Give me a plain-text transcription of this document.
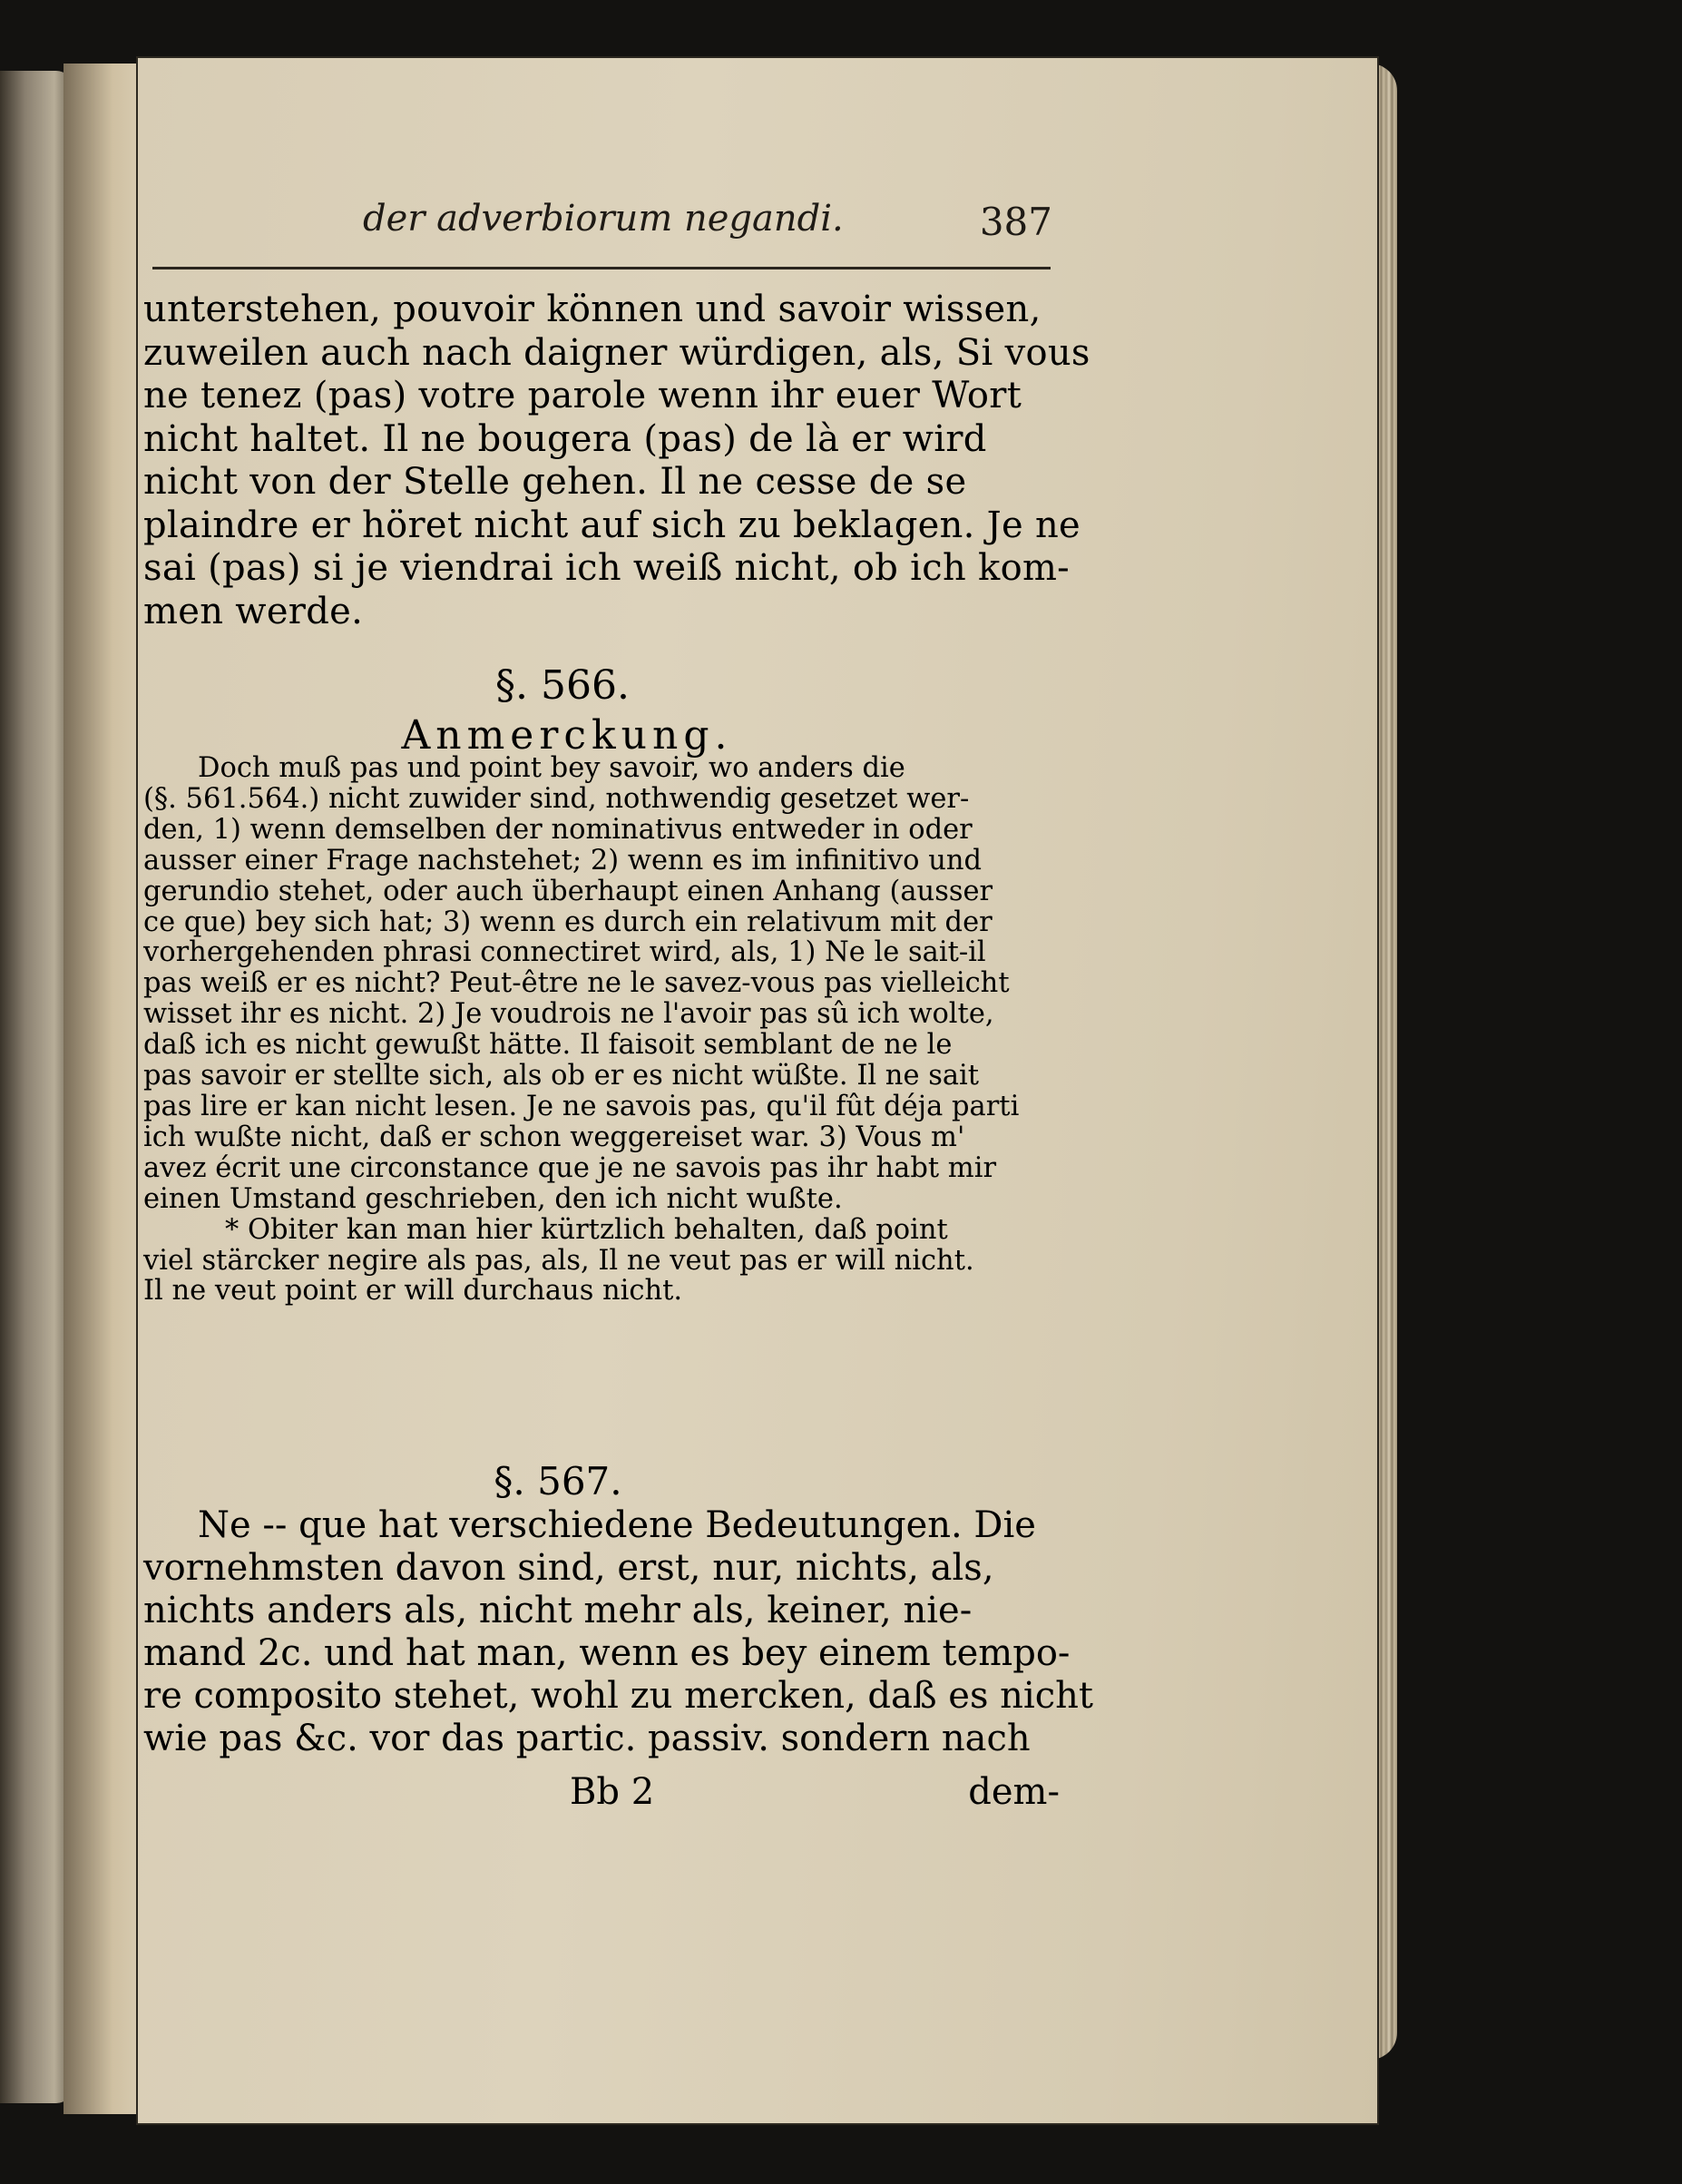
der adverbiorum negandi.	387
unterstehen, pouvoir können und savoir wissen,
zuweilen auch nach daigner würdigen, als, Si vous
ne tenez (pas) votre parole wenn ihr euer Wort
nicht haltet. Il ne bougera (pas) de là er wird
nicht von der Stelle gehen. Il ne cesse de se
plaindre er höret nicht auf sich zu beklagen. Je ne
sai (pas) si je viendrai ich weiß nicht, ob ich kom-
men werde.
§. 566.
Anmerckung.
Doch muß pas und point bey savoir, wo anders die
(§. 561.564.) nicht zuwider sind, nothwendig gesetzet wer-
den, 1) wenn demselben der nominativus entweder in oder
ausser einer Frage nachstehet; 2) wenn es im infinitivo und
gerundio stehet, oder auch überhaupt einen Anhang (ausser
ce que) bey sich hat; 3) wenn es durch ein relativum mit der
vorhergehenden phrasi connectiret wird, als, 1) Ne le sait-il
pas weiß er es nicht? Peut-être ne le savez-vous pas vielleicht
wisset ihr es nicht. 2) Je voudrois ne l'avoir pas sû ich wolte,
daß ich es nicht gewußt hätte. Il faisoit semblant de ne le
pas savoir er stellte sich, als ob er es nicht wüßte. Il ne sait
pas lire er kan nicht lesen. Je ne savois pas, qu'il fût déja parti
ich wußte nicht, daß er schon weggereiset war. 3) Vous m'
avez écrit une circonstance que je ne savois pas ihr habt mir
einen Umstand geschrieben, den ich nicht wußte.
* Obiter kan man hier kürtzlich behalten, daß point
viel stärcker negire als pas, als, Il ne veut pas er will nicht.
Il ne veut point er will durchaus nicht.
§. 567.
Ne -- que hat verschiedene Bedeutungen. Die
vornehmsten davon sind, erst, nur, nichts, als,
nichts anders als, nicht mehr als, keiner, nie-
mand 2c. und hat man, wenn es bey einem tempo-
re composito stehet, wohl zu mercken, daß es nicht
wie pas &c. vor das partic. passiv. sondern nach
Bb 2	dem-
